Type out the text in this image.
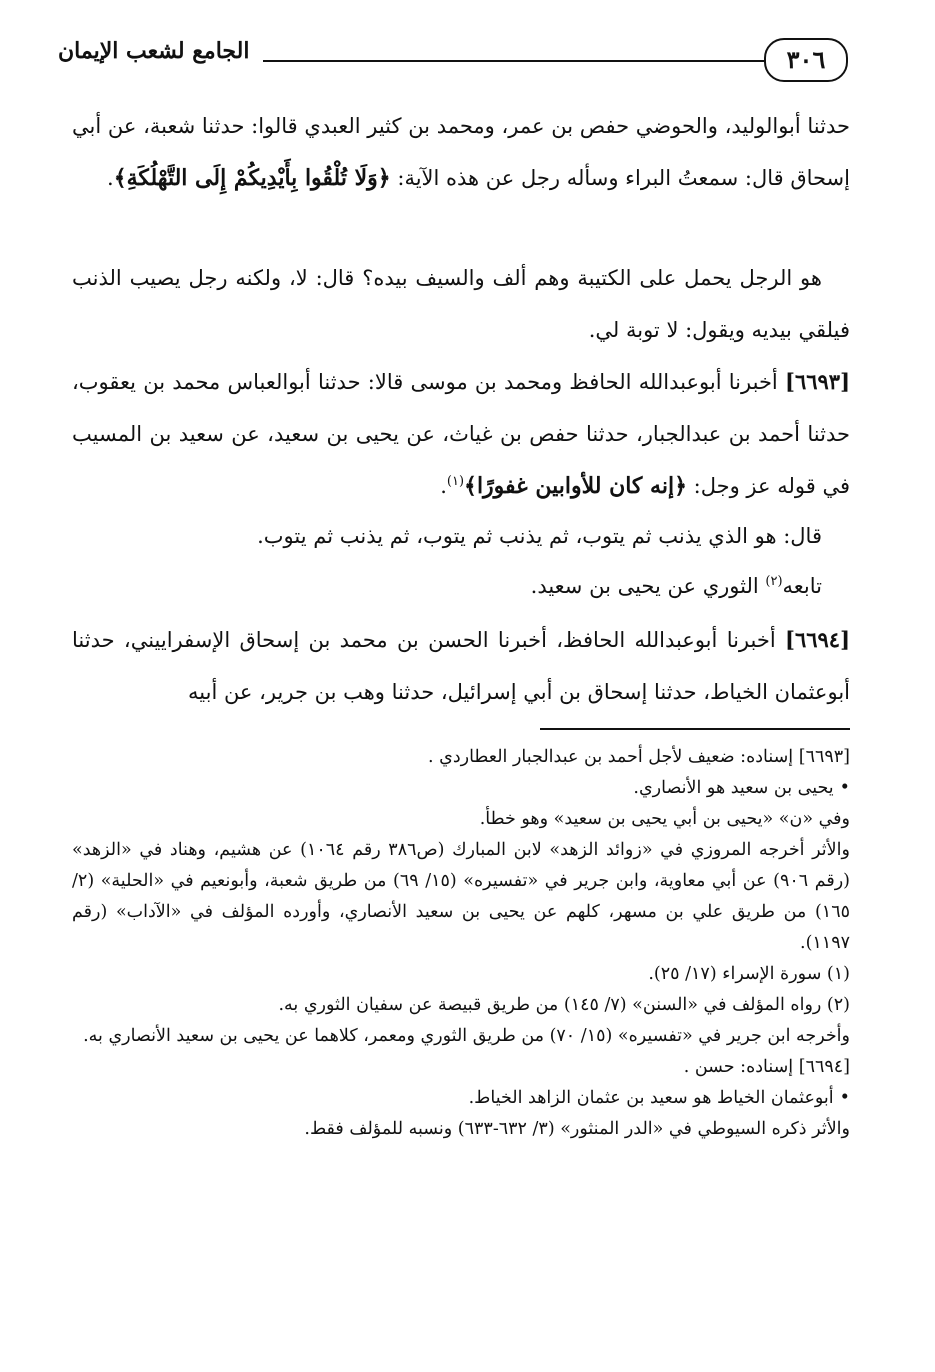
الجامع لشعب الإيمان	٣٠٦

حدثنا أبوالوليد، والحوضي حفص بن عمر، ومحمد بن كثير العبدي قالوا: حدثنا شعبة، عن أبي إسحاق قال: سمعتُ البراء وسأله رجل عن هذه الآية: ﴿وَلَا تُلْقُوا بِأَيْدِيكُمْ إِلَى التَّهْلُكَةِ﴾.

هو الرجل يحمل على الكتيبة وهم ألف والسيف بيده؟ قال: لا، ولكنه رجل يصيب الذنب فيلقي بيديه ويقول: لا توبة لي.

[٦٦٩٣] أخبرنا أبوعبدالله الحافظ ومحمد بن موسى قالا: حدثنا أبوالعباس محمد بن يعقوب، حدثنا أحمد بن عبدالجبار، حدثنا حفص بن غياث، عن يحيى بن سعيد، عن سعيد بن المسيب في قوله عز وجل: ﴿إنه كان للأوابين غفورًا﴾$^{(١)}$.

قال: هو الذي يذنب ثم يتوب، ثم يذنب ثم يتوب، ثم يذنب ثم يتوب.

تابعه$^{(٢)}$ الثوري عن يحيى بن سعيد.

[٦٦٩٤] أخبرنا أبوعبدالله الحافظ، أخبرنا الحسن بن محمد بن إسحاق الإسفراييني، حدثنا أبوعثمان الخياط، حدثنا إسحاق بن أبي إسرائيل، حدثنا وهب بن جرير، عن أبيه

[٦٦٩٣] إسناده: ضعيف لأجل أحمد بن عبدالجبار العطاردي .

•يحيى بن سعيد هو الأنصاري.

وفي «ن» «يحيى بن أبي يحيى بن سعيد» وهو خطأ.

والأثر أخرجه المروزي في «زوائد الزهد» لابن المبارك (ص٣٨٦ رقم ١٠٦٤) عن هشيم، وهناد في «الزهد» (رقم ٩٠٦) عن أبي معاوية، وابن جرير في «تفسيره» (١٥/ ٦٩) من طريق شعبة، وأبونعيم في «الحلية» (٢/ ١٦٥) من طريق علي بن مسهر، كلهم عن يحيى بن سعيد الأنصاري، وأورده المؤلف في «الآداب» (رقم ١١٩٧).

(١) سورة الإسراء (١٧/ ٢٥).

(٢) رواه المؤلف في «السنن» (٧/ ١٤٥) من طريق قبيصة عن سفيان الثوري به.

وأخرجه ابن جرير في «تفسيره» (١٥/ ٧٠) من طريق الثوري ومعمر، كلاهما عن يحيى بن سعيد الأنصاري به.

[٦٦٩٤] إسناده: حسن .

•أبوعثمان الخياط هو سعيد بن عثمان الزاهد الخياط.

والأثر ذكره السيوطي في «الدر المنثور» (٣/ ٦٣٢-٦٣٣) ونسبه للمؤلف فقط.
